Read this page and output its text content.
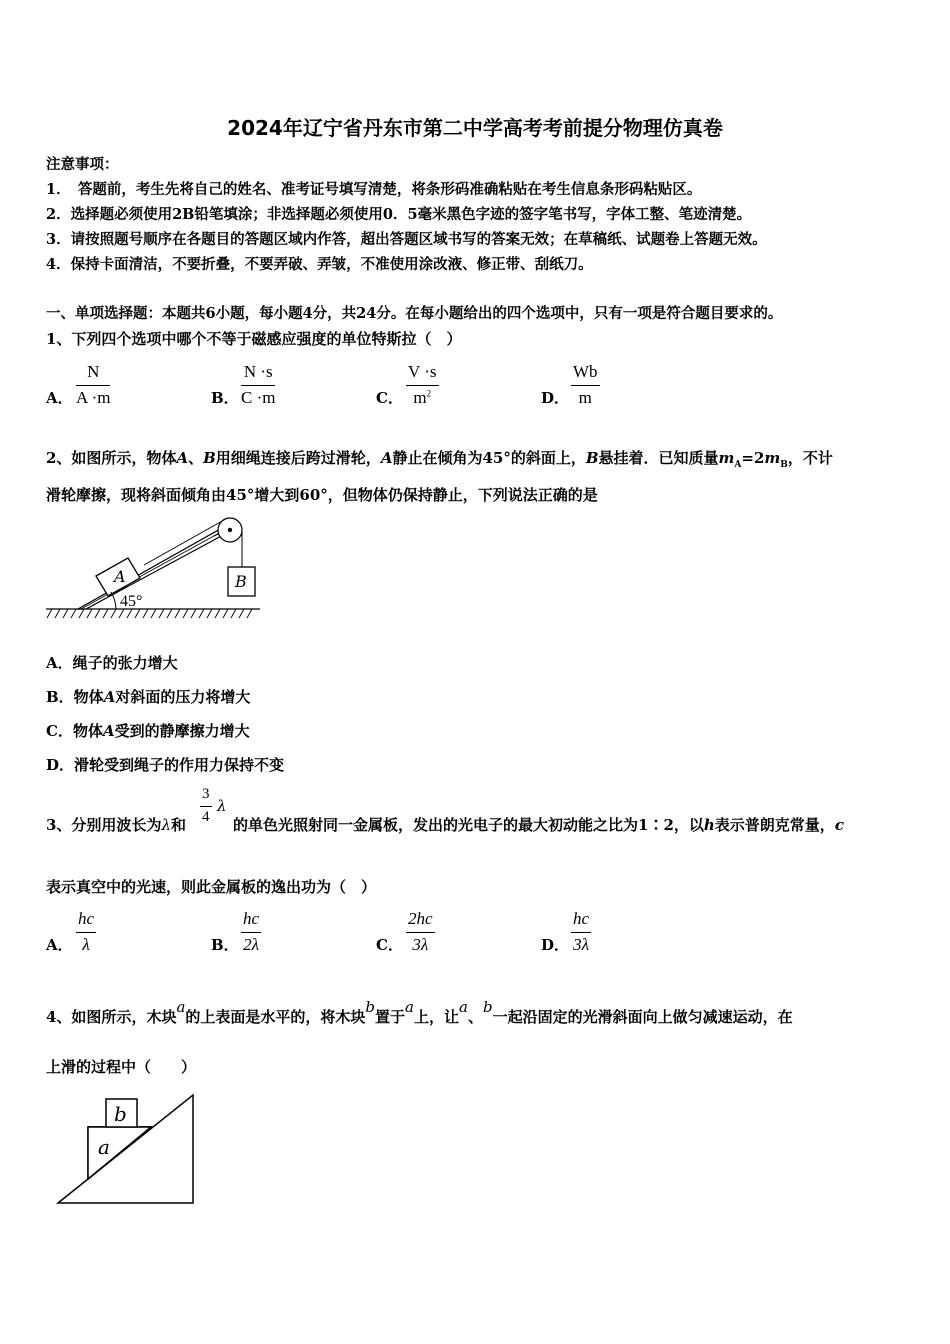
2024年辽宁省丹东市第二中学高考考前提分物理仿真卷
注意事项：
1．　答题前，考生先将自己的姓名、准考证号填写清楚，将条形码准确粘贴在考生信息条形码粘贴区。
2．选择题必须使用2B铅笔填涂；非选择题必须使用0．5毫米黑色字迹的签字笔书写，字体工整、笔迹清楚。
3．请按照题号顺序在各题目的答题区域内作答，超出答题区域书写的答案无效；在草稿纸、试题卷上答题无效。
4．保持卡面清洁，不要折叠，不要弄破、弄皱，不准使用涂改液、修正带、刮纸刀。
一、单项选择题：本题共6小题，每小题4分，共24分。在每小题给出的四个选项中，只有一项是符合题目要求的。
1、下列四个选项中哪个不等于磁感应强度的单位特斯拉（　）
A． $\frac{N}{A \cdot m}$	B． $\frac{N \cdot s}{C \cdot m}$	C． $\frac{V \cdot s}{m^2}$	D． $\frac{Wb}{m}$
2、如图所示，物体A、B用细绳连接后跨过滑轮，A静止在倾角为45°的斜面上，B悬挂着．已知质量$m_A=2m_B$，不计
滑轮摩擦，现将斜面倾角由45°增大到60°，但物体仍保持静止，下列说法正确的是
A	B
45°
A．绳子的张力增大
B．物体A对斜面的压力将增大
C．物体A受到的静摩擦力增大
D．滑轮受到绳子的作用力保持不变
3、分别用波长为λ和 $\frac{3}{4}$ λ
的单色光照射同一金属板，发出的光电子的最大初动能之比为1∶2，以h表示普朗克常量，c
表示真空中的光速，则此金属板的逸出功为（　）
A． $\frac{hc}{\lambda}$	B． $\frac{hc}{2\lambda}$	C． $\frac{2hc}{3\lambda}$	D． $\frac{hc}{3\lambda}$
4、如图所示，木块a的上表面是水平的，将木块b置于a上，让a、b一起沿固定的光滑斜面向上做匀减速运动，在
上滑的过程中（　　）
a
b
